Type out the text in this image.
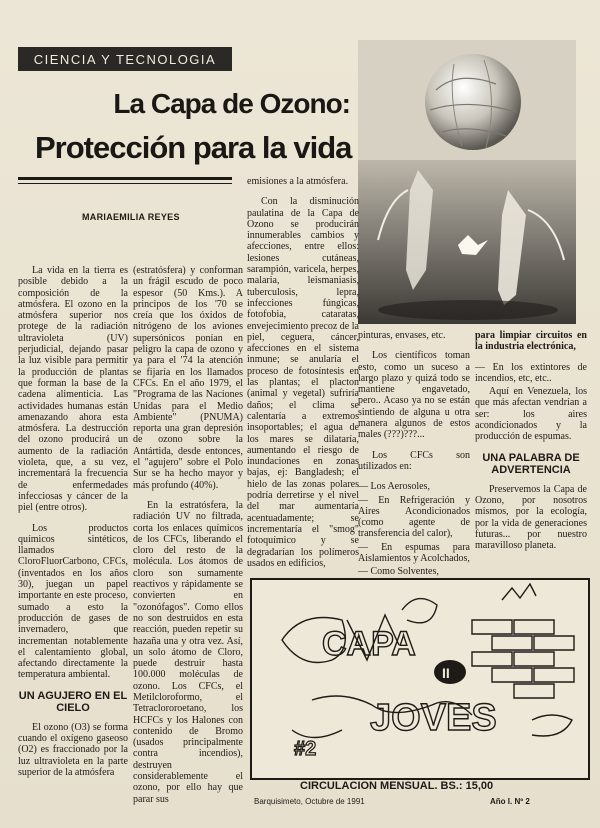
CIENCIA Y TECNOLOGIA
La Capa de Ozono:
Protección para la vida
MARIAEMILIA REYES

La vida en la tierra es posible debido a la composición de la atmósfera. El ozono en la atmósfera superior nos protege de la radiación ultravioleta (UV) perjudicial, dejando pasar la luz visible para permitir la producción de plantas que forman la base de la cadena alimenticia. Las actividades humanas están amenazando ahora esta atmósfera. La destrucción del ozono producirá un aumento de la radiación violeta, que, a su vez, incrementará la frecuencia de enfermedades infecciosas y cáncer de la piel (entre otros).

Los productos químicos sintéticos, llamados CloroFluorCarbono, CFCs, (inventados en los años 30), juegan un papel importante en este proceso, sumado a esto la producción de gases de invernadero, que incrementan notablemente el calentamiento global, afectando directamente la temperatura ambiental.

UN AGUJERO EN EL CIELO

El ozono (O3) se forma cuando el oxígeno gaseoso (O2) es fraccionado por la luz ultravioleta en la parte superior de la atmósfera

(estratósfera) y conforman un frágil escudo de poco espesor (50 Kms.). A principos de los '70 se creía que los óxidos de nitrógeno de los aviones supersónicos ponían en peligro la capa de ozono y ya para el '74 la atención se fijaría en los llamados CFCs. En el año 1979, el "Programa de las Naciones Unidas para el Medio Ambiente" (PNUMA) reporta una gran depresión de ozono sobre la Antártida, desde entonces, el "agujero" sobre el Polo Sur se ha hecho mayor y más profundo (40%).

En la estratósfera, la radiación UV no filtrada, corta los enlaces químicos de los CFCs, liberando el cloro del resto de la molécula. Los átomos de cloro son sumamente reactivos y rápidamente se convierten en "ozonófagos". Como ellos no son destruidos en esta reacción, pueden repetir su hazaña una y otra vez. Así, un solo átomo de Cloro, puede destruir hasta 100.000 moléculas de ozono. Los CFCs, el Metilcloroformo, el Tetraclororoetano, los HCFCs y los Halones con contenido de Bromo (usados principalmente contra incendios), destruyen considerablemente el ozono, por ello hay que parar sus

emisiones a la atmósfera.

Con la disminución paulatina de la Capa de Ozono se producirán innumerables cambios y afecciones, entre ellos: lesiones cutáneas, sarampión, varicela, herpes, malaria, leismaniasis, tuberculosis, lepra, infecciones fúngicas, fotofobia, cataratas, envejecimiento precoz de la piel, ceguera, cáncer, afecciones en el sistema inmune; se anularía el proceso de fotosíntesis en las plantas; el placton (animal y vegetal) sufriría daños; el clima se calentaría a extremos insoportables; el agua de los mares se dilataría, aumentando el riesgo de inundaciones en zonas bajas, ej: Bangladesh; el hielo de las zonas polares podría derretirse y el nivel del mar aumentaría acentuadamente; se incrementaría el "smog" fotoquímico y se degradarían los polímeros usados en edificios,

pinturas, envases, etc.

Los científicos toman esto, como un suceso a largo plazo y quizá todo se mantiene engavetado, pero.. Acaso ya no se están sintiendo de alguna u otra manera algunos de estos males (???)???...

Los CFCs son utilizados en:

— Los Aerosoles,

— En Refrigeración y Aires Acondicionados (como agente de transferencia del calor),

— En espumas para Aislamientos y Acolchados,

— Como Solventes,

para limpiar circuitos en la industria electrónica,

— En los extintores de incendios, etc, etc..

Aquí en Venezuela, los que más afectan vendrían a ser: los aires acondicionados y la producción de espumas.

UNA PALABRA DE ADVERTENCIA

Preservemos la Capa de Ozono, por nosotros mismos, por la ecología, por la vida de generaciones futuras... por nuestro maravilloso planeta.

CAPA
JOVES
II
#2
CIRCULACION MENSUAL. BS.: 15,00
Barquisimeto, Octubre de 1991	Año I. Nº 2
